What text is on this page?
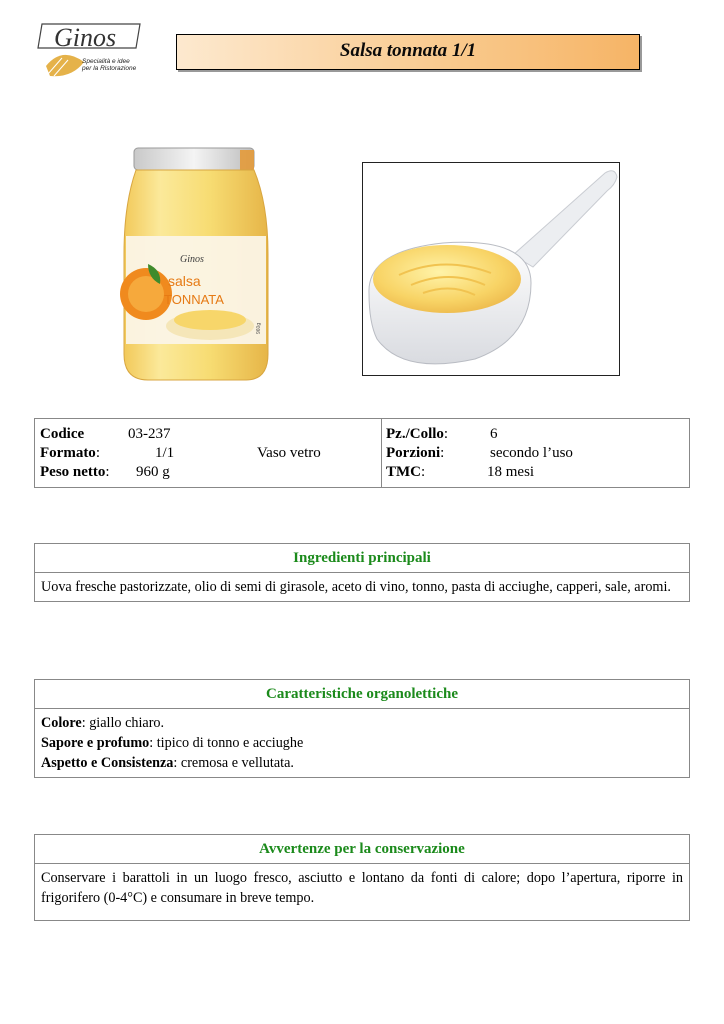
Ginos
Specialità e idee
per la Ristorazione
Salsa tonnata 1/1
Ginos
salsa
TONNATA
960g
Codice	03-237
Formato:	1/1	Vaso vetro
Peso netto: 960 g
Pz./Collo:	6
Porzioni:	secondo l’uso
TMC:	18 mesi
Ingredienti principali
Uova fresche pastorizzate, olio di semi di girasole, aceto di vino, tonno, pasta di acciughe, capperi, sale, aromi.
Caratteristiche organolettiche
Colore: giallo chiaro.
Sapore e profumo: tipico di tonno e acciughe
Aspetto e Consistenza: cremosa e vellutata.
Avvertenze per la conservazione
Conservare i barattoli in un luogo fresco, asciutto e lontano da fonti di calore; dopo l’apertura, riporre in frigorifero (0-4°C) e consumare in breve tempo.
